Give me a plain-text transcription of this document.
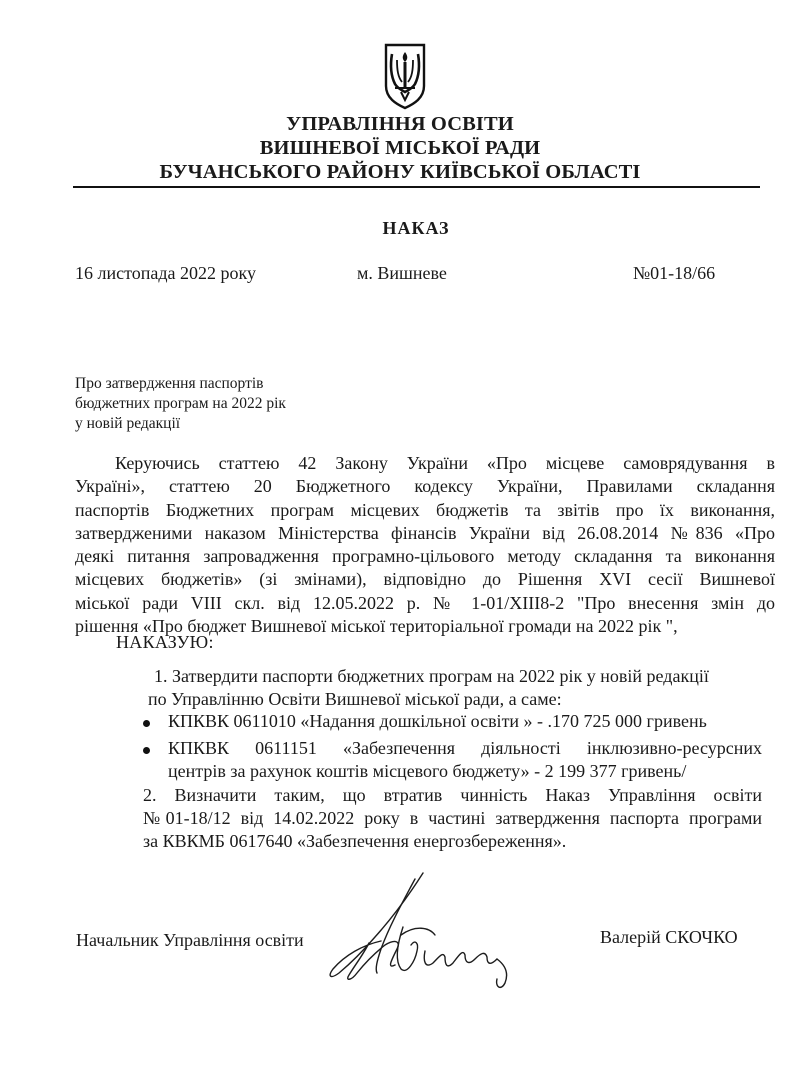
УПРАВЛІННЯ ОСВІТИ
ВИШНЕВОЇ МІСЬКОЇ РАДИ
БУЧАНСЬКОГО РАЙОНУ КИЇВСЬКОЇ ОБЛАСТІ
НАКАЗ
16 листопада 2022 року	м. Вишневе	№01-18/66
Про затвердження паспортів
бюджетних програм на 2022 рік
у новій редакції
Керуючись статтею 42 Закону України «Про місцеве самоврядування в
Україні», статтею 20 Бюджетного кодексу України, Правилами складання
паспортів Бюджетних програм місцевих бюджетів та звітів про їх виконання,
затвердженими наказом Міністерства фінансів України від 26.08.2014 №836 «Про
деякі питання запровадження програмно-цільового методу складання та виконання
місцевих бюджетів» (зі змінами), відповідно до Рішення XVI сесії Вишневої
міської ради VIII скл. від 12.05.2022 р. № 1-01/XIII8-2 "Про внесення змін до
рішення «Про бюджет Вишневої міської територіальної громади на 2022 рік ",
НАКАЗУЮ:
1. Затвердити паспорти бюджетних програм на 2022 рік у новій редакції
по Управлінню Освіти Вишневої міської ради, а саме:
КПКВК 0611010 «Надання дошкільної освіти » - .170 725 000 гривень
КПКВК 0611151 «Забезпечення діяльності інклюзивно-ресурсних
центрів за рахунок коштів місцевого бюджету» - 2 199 377 гривень/
2. Визначити таким, що втратив чинність Наказ Управління освіти
№01-18/12 від 14.02.2022 року в частині затвердження паспорта програми
за КВКМБ 0617640 «Забезпечення енергозбереження».
Начальник Управління освіти	Валерій СКОЧКО
